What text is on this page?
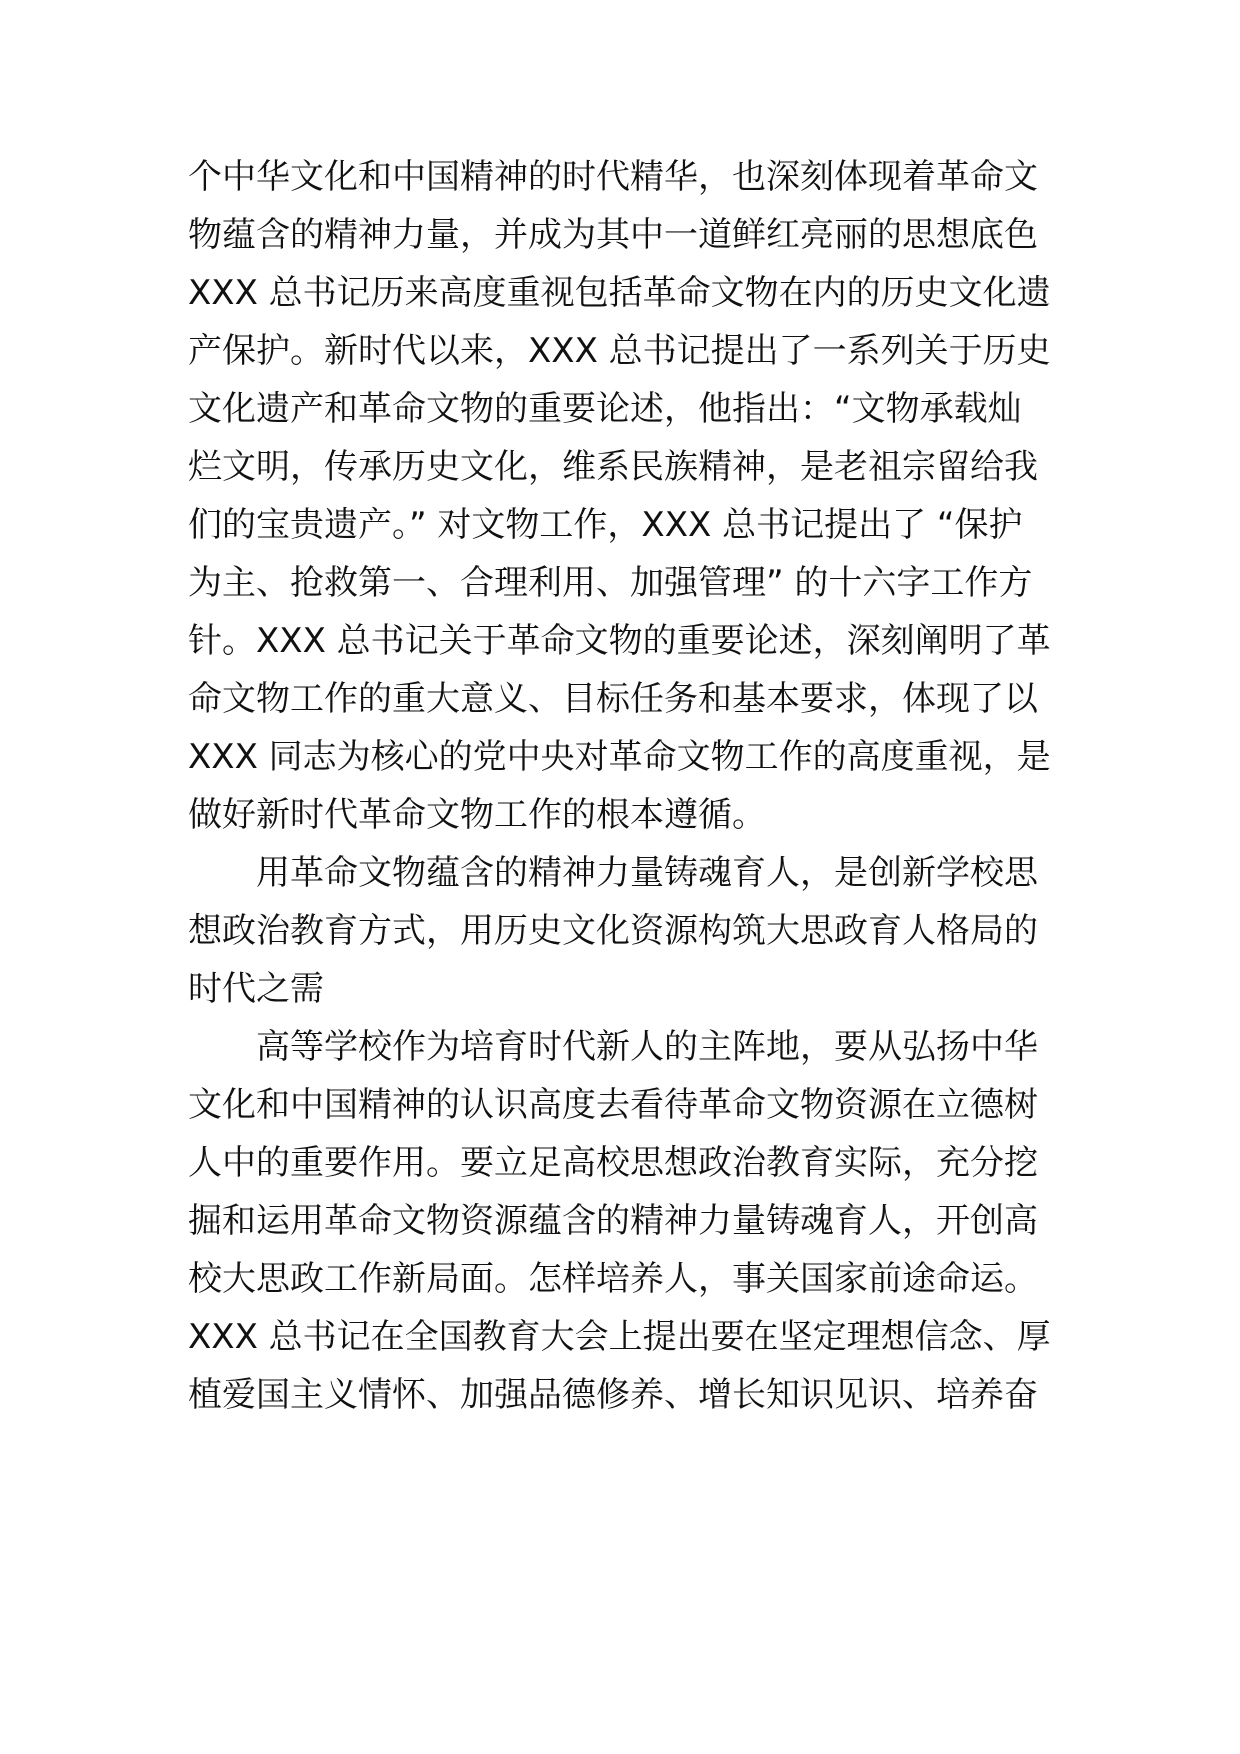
个中华文化和中国精神的时代精华，也深刻体现着革命文
物蕴含的精神力量，并成为其中一道鲜红亮丽的思想底色
XXX 总书记历来高度重视包括革命文物在内的历史文化遗
产保护。新时代以来，XXX 总书记提出了一系列关于历史
文化遗产和革命文物的重要论述，他指出：“文物承载灿
烂文明，传承历史文化，维系民族精神，是老祖宗留给我
们的宝贵遗产。” 对文物工作，XXX 总书记提出了 “保护
为主、抢救第一、合理利用、加强管理” 的十六字工作方
针。XXX 总书记关于革命文物的重要论述，深刻阐明了革
命文物工作的重大意义、目标任务和基本要求，体现了以
XXX 同志为核心的党中央对革命文物工作的高度重视，是
做好新时代革命文物工作的根本遵循。
用革命文物蕴含的精神力量铸魂育人，是创新学校思
想政治教育方式，用历史文化资源构筑大思政育人格局的
时代之需
高等学校作为培育时代新人的主阵地，要从弘扬中华
文化和中国精神的认识高度去看待革命文物资源在立德树
人中的重要作用。要立足高校思想政治教育实际，充分挖
掘和运用革命文物资源蕴含的精神力量铸魂育人，开创高
校大思政工作新局面。怎样培养人，事关国家前途命运。
XXX 总书记在全国教育大会上提出要在坚定理想信念、厚
植爱国主义情怀、加强品德修养、增长知识见识、培养奋
